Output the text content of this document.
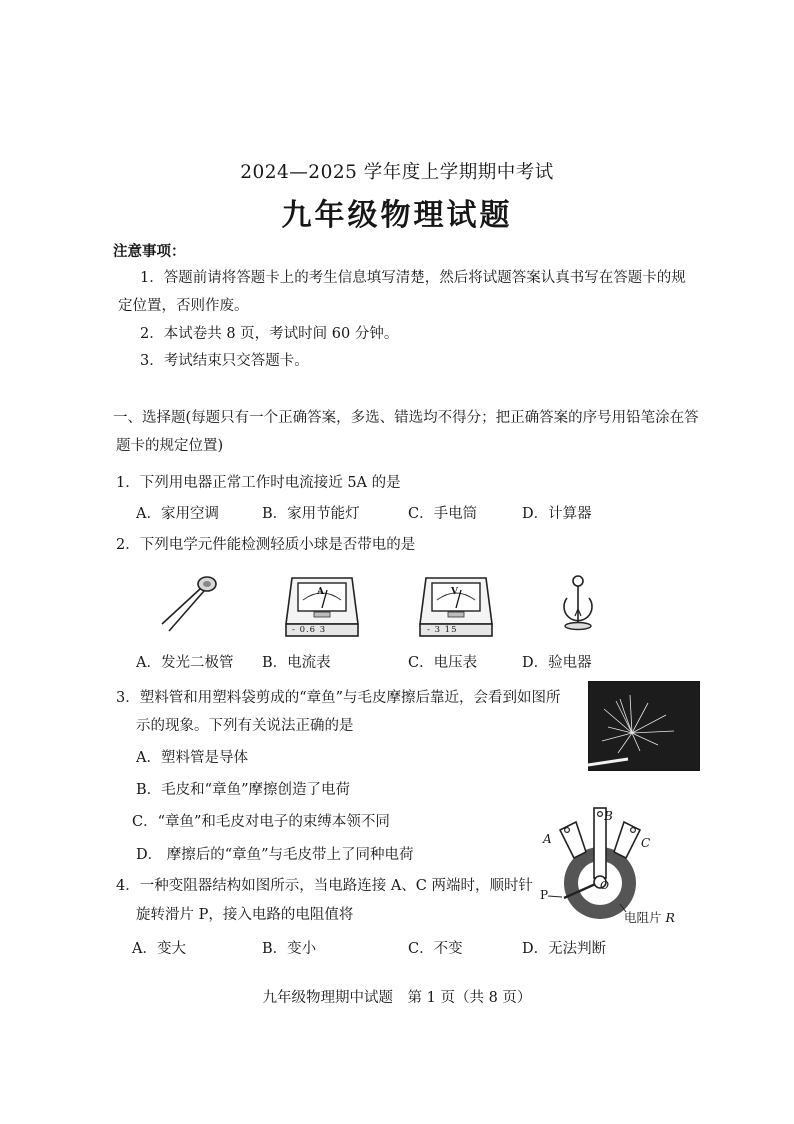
2024—2025 学年度上学期期中考试
九年级物理试题
注意事项：
1．答题前请将答题卡上的考生信息填写清楚，然后将试题答案认真书写在答题卡的规
定位置，否则作废。
2．本试卷共 8 页，考试时间 60 分钟。
3．考试结束只交答题卡。
一、选择题(每题只有一个正确答案，多选、错选均不得分；把正确答案的序号用铅笔涂在答
题卡的规定位置)
1．下列用电器正常工作时电流接近 5A 的是
A．家用空调	B．家用节能灯	C．手电筒	D．计算器
2．下列电学元件能检测轻质小球是否带电的是
A
- 0.6 3
V
- 3 15
A．发光二极管 B．电流表	C．电压表	D．验电器
3．塑料管和用塑料袋剪成的“章鱼”与毛皮摩擦后靠近，会看到如图所
示的现象。下列有关说法正确的是
A．塑料管是导体
B．毛皮和“章鱼”摩擦创造了电荷
C．“章鱼”和毛皮对电子的束缚本领不同
D． 摩擦后的“章鱼”与毛皮带上了同种电荷
A
B
C
P
O
电阻片 R
4．一种变阻器结构如图所示，当电路连接 A、C 两端时，顺时针
旋转滑片 P，接入电路的电阻值将
A．变大	B．变小	C．不变	D．无法判断
九年级物理期中试题　第 1 页（共 8 页）
